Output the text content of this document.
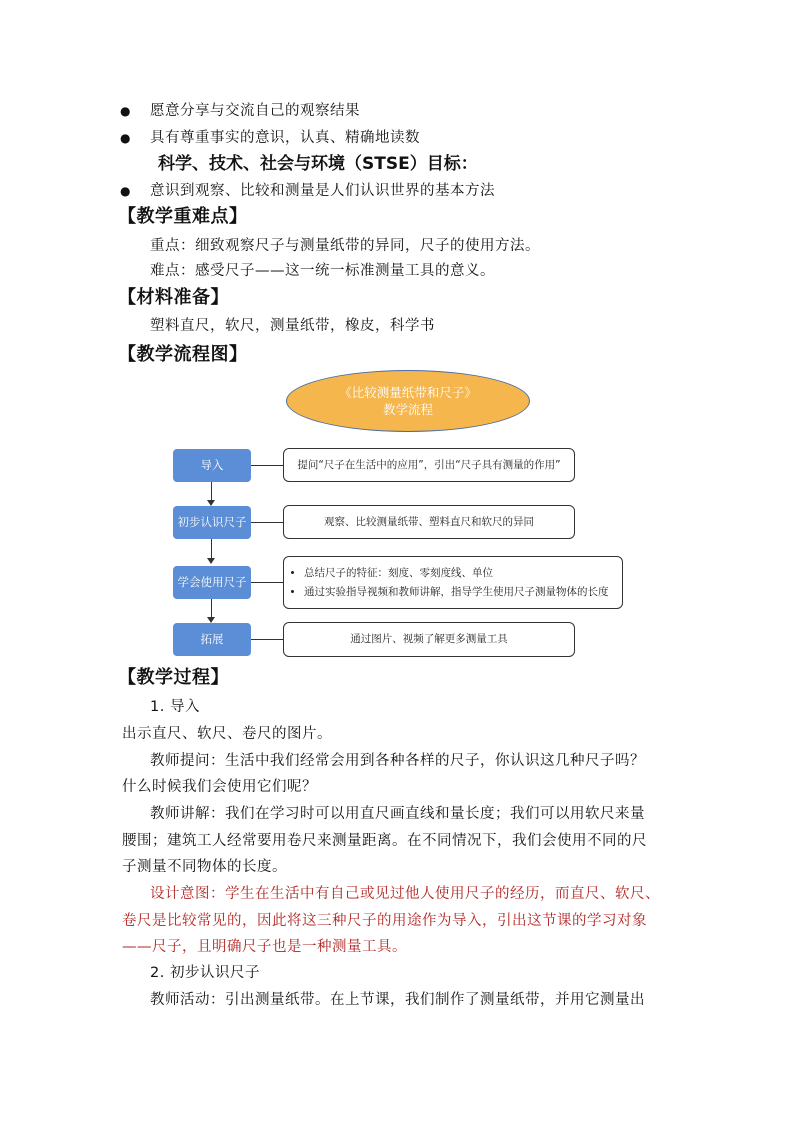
● 愿意分享与交流自己的观察结果
● 具有尊重事实的意识，认真、精确地读数
科学、技术、社会与环境（STSE）目标：
● 意识到观察、比较和测量是人们认识世界的基本方法
【教学重难点】
重点：细致观察尺子与测量纸带的异同，尺子的使用方法。
难点：感受尺子——这一统一标准测量工具的意义。
【材料准备】
塑料直尺，软尺，测量纸带，橡皮，科学书
【教学流程图】
《比较测量纸带和尺子》
教学流程
导入	提问“尺子在生活中的应用”，引出“尺子具有测量的作用”
初步认识尺子	观察、比较测量纸带、塑料直尺和软尺的异同
学会使用尺子
• 总结尺子的特征：刻度、零刻度线、单位
• 通过实验指导视频和教师讲解，指导学生使用尺子测量物体的长度
拓展	通过图片、视频了解更多测量工具
【教学过程】
1. 导入
出示直尺、软尺、卷尺的图片。
教师提问：生活中我们经常会用到各种各样的尺子，你认识这几种尺子吗？
什么时候我们会使用它们呢？
教师讲解：我们在学习时可以用直尺画直线和量长度；我们可以用软尺来量
腰围；建筑工人经常要用卷尺来测量距离。在不同情况下，我们会使用不同的尺
子测量不同物体的长度。
设计意图：学生在生活中有自己或见过他人使用尺子的经历，而直尺、软尺、
卷尺是比较常见的，因此将这三种尺子的用途作为导入，引出这节课的学习对象
——尺子，且明确尺子也是一种测量工具。
2. 初步认识尺子
教师活动：引出测量纸带。在上节课，我们制作了测量纸带，并用它测量出
